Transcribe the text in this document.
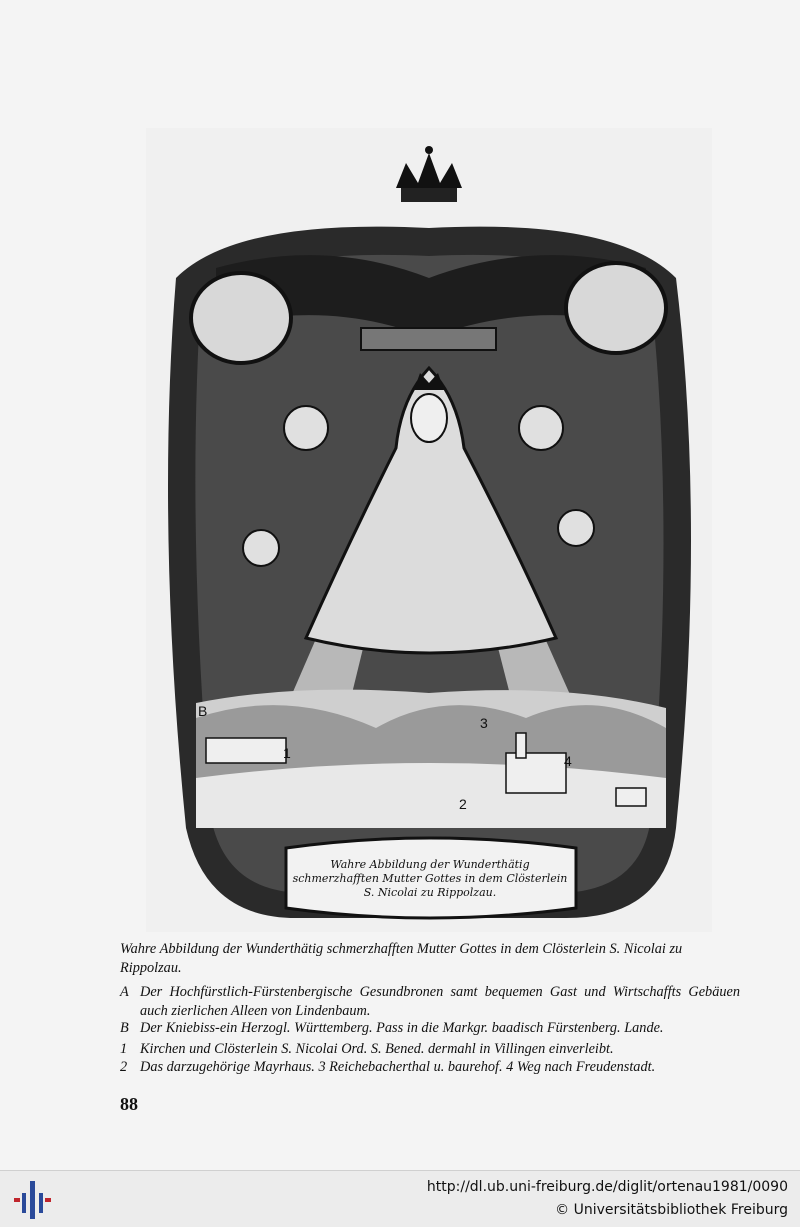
B
1
2
3
4
Wahre Abbildung der Wunderthätig
schmerzhafften Mutter Gottes in dem Clösterlein
S. Nicolai zu Rippolzau.

Wahre Abbildung der Wunderthätig schmerzhafften Mutter Gottes in dem Clösterlein S. Nicolai zu Rippolzau.

A Der Hochfürstlich-Fürstenbergische Gesundbronen samt bequemen Gast und Wirtschaffts Gebäuen auch zierlichen Alleen von Lindenbaum.
B Der Kniebiss-ein Herzogl. Württemberg. Pass in die Markgr. baadisch Fürstenberg. Lande.
1 Kirchen und Clösterlein S. Nicolai Ord. S. Bened. dermahl in Villingen einverleibt.
2 Das darzugehörige Mayrhaus. 3 Reichebacherthal u. baurehof. 4 Weg nach Freudenstadt.
88
http://dl.ub.uni-freiburg.de/diglit/ortenau1981/0090
© Universitätsbibliothek Freiburg
